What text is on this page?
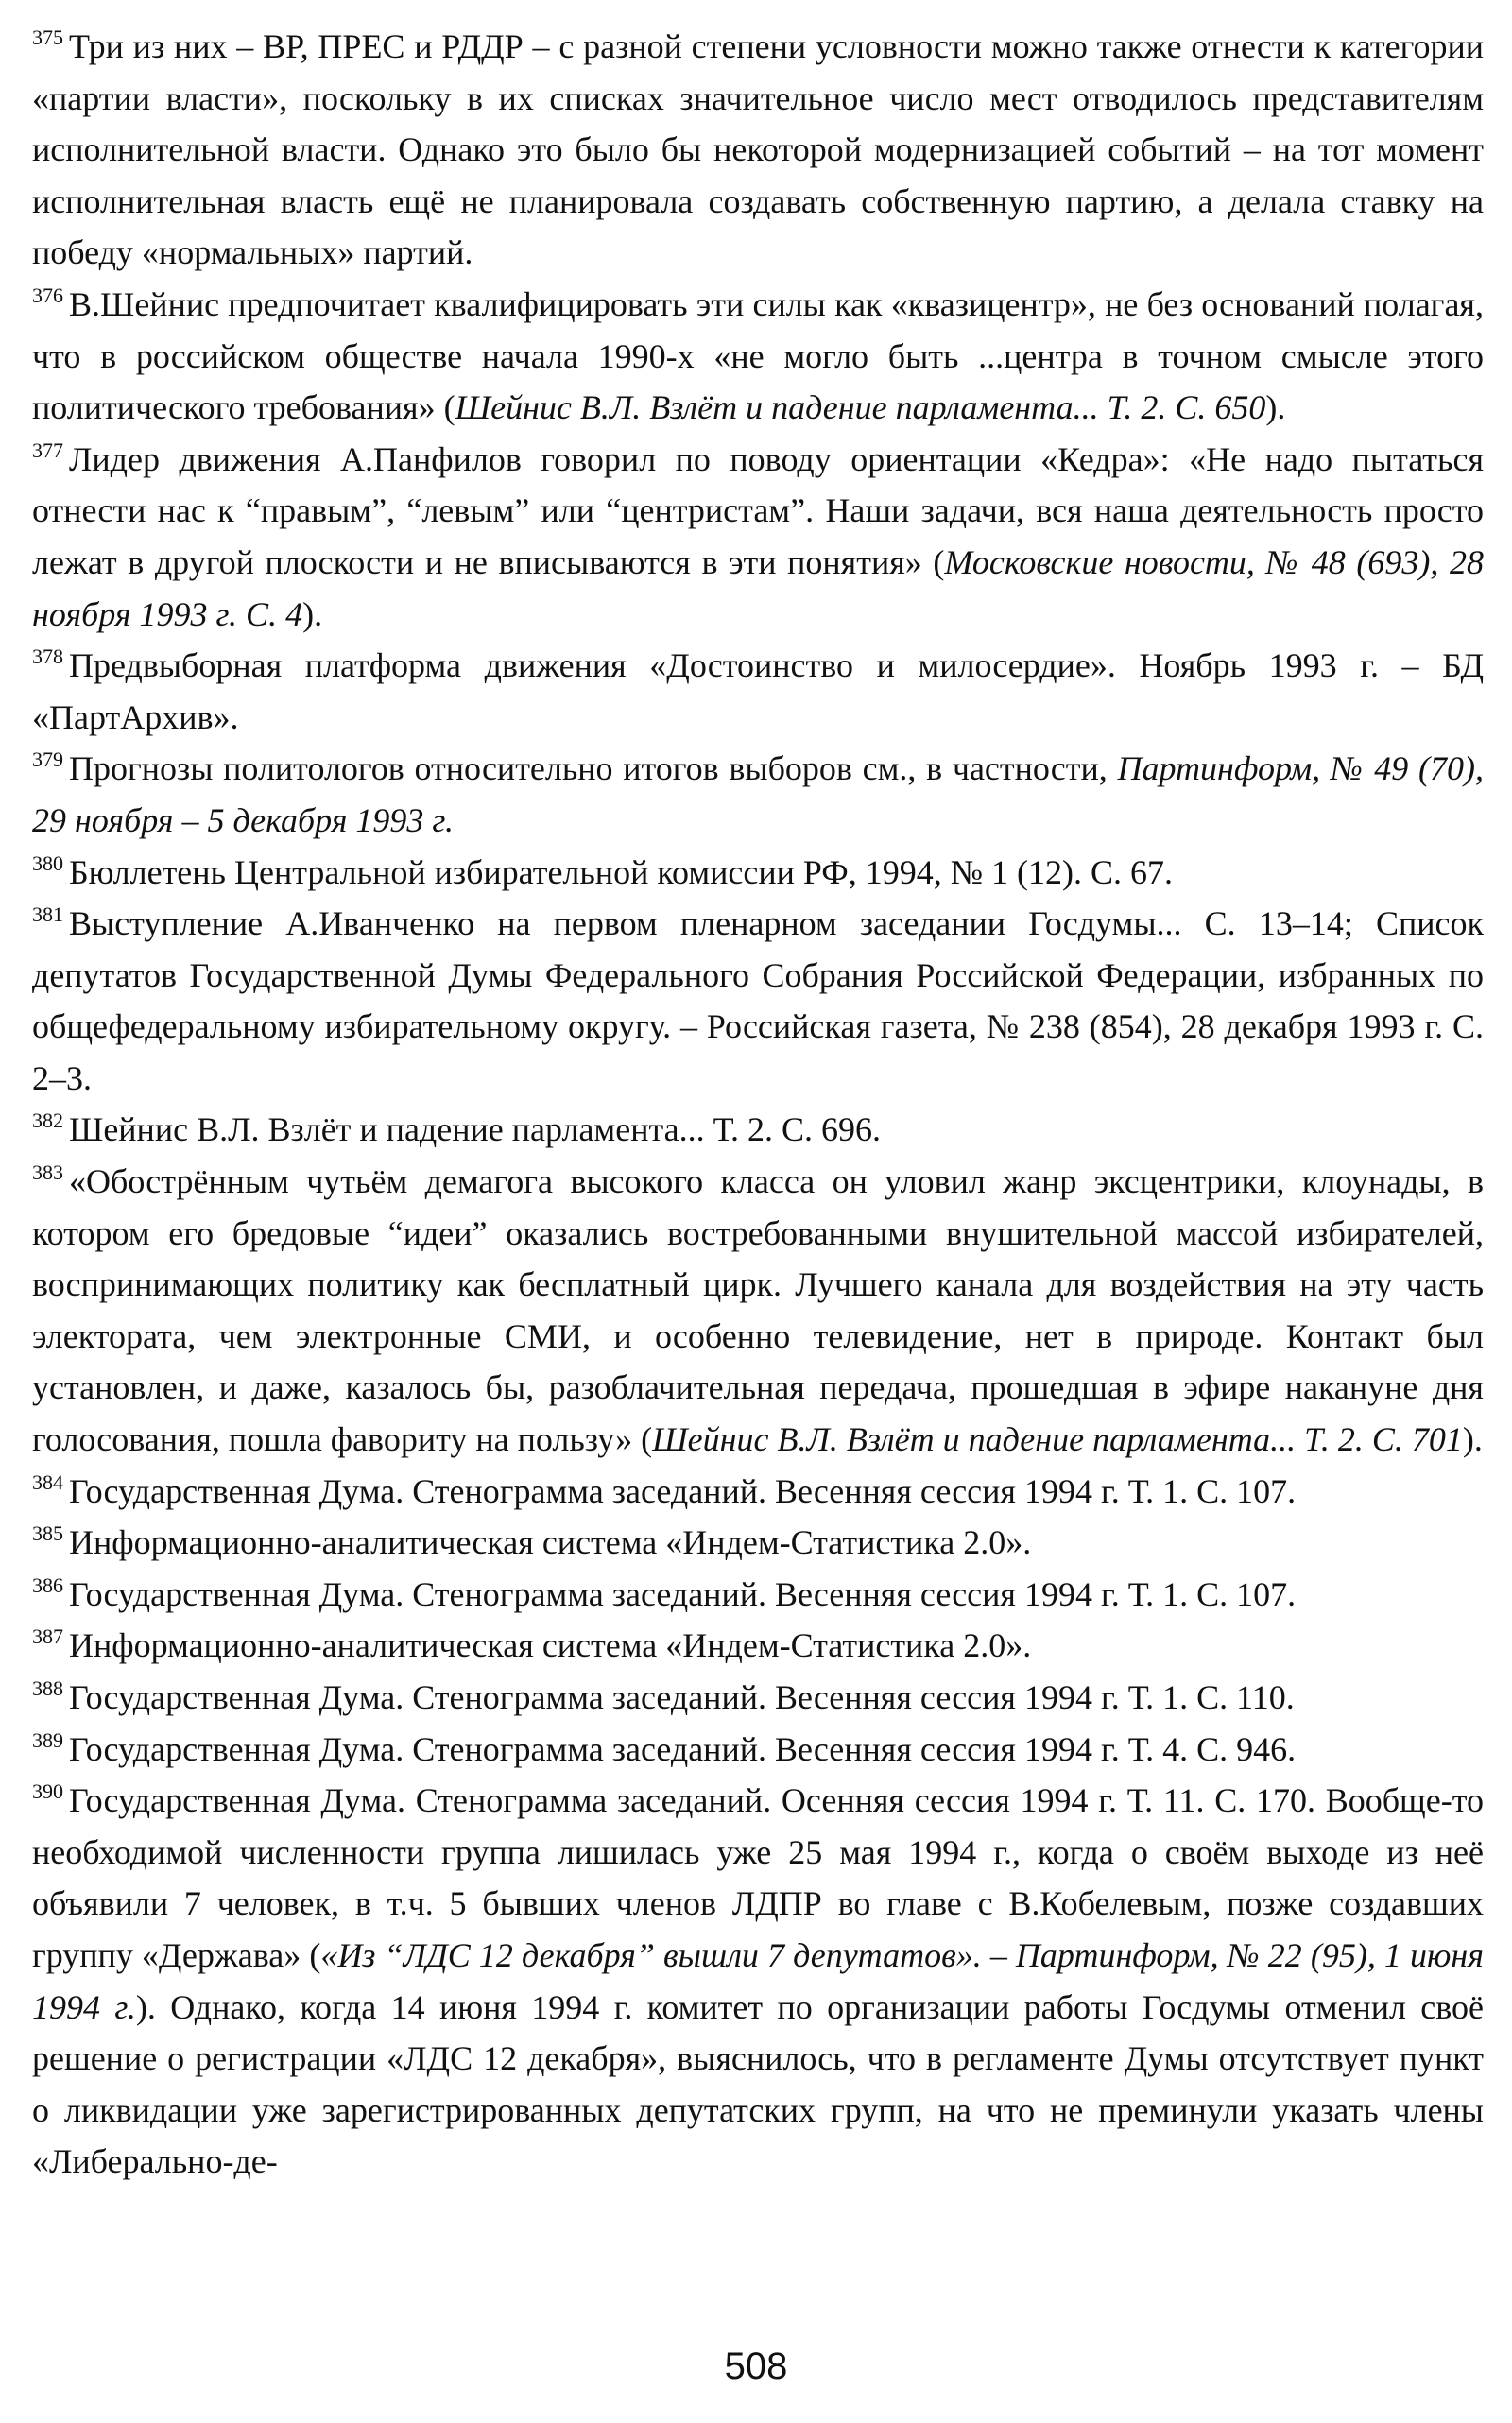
$^{375}$ Три из них – ВР, ПРЕС и РДДР – с разной степени условности можно также отнести к категории «партии власти», поскольку в их списках значительное число мест отводилось представителям исполнительной власти. Однако это было бы некоторой модернизацией событий – на тот момент исполнительная власть ещё не планировала создавать собственную партию, а делала ставку на победу «нормальных» партий.

$^{376}$ В.Шейнис предпочитает квалифицировать эти силы как «квазицентр», не без оснований полагая, что в российском обществе начала 1990-х «не могло быть ...центра в точном смысле этого политического требования» (Шейнис В.Л. Взлёт и падение парламента... Т. 2. С. 650).

$^{377}$ Лидер движения А.Панфилов говорил по поводу ориентации «Кедра»: «Не надо пытаться отнести нас к “правым”, “левым” или “центристам”. Наши задачи, вся наша деятельность просто лежат в другой плоскости и не вписываются в эти понятия» (Московские новости, № 48 (693), 28 ноября 1993 г. С. 4).

$^{378}$ Предвыборная платформа движения «Достоинство и милосердие». Ноябрь 1993 г. – БД «ПартАрхив».

$^{379}$ Прогнозы политологов относительно итогов выборов см., в частности, Партинформ, № 49 (70), 29 ноября – 5 декабря 1993 г.

$^{380}$ Бюллетень Центральной избирательной комиссии РФ, 1994, № 1 (12). С. 67.

$^{381}$ Выступление А.Иванченко на первом пленарном заседании Госдумы... С. 13–14; Список депутатов Государственной Думы Федерального Собрания Российской Федерации, избранных по общефедеральному избирательному округу. – Российская газета, № 238 (854), 28 декабря 1993 г. С. 2–3.

$^{382}$ Шейнис В.Л. Взлёт и падение парламента... Т. 2. С. 696.

$^{383}$ «Обострённым чутьём демагога высокого класса он уловил жанр эксцентрики, клоунады, в котором его бредовые “идеи” оказались востребованными внушительной массой избирателей, воспринимающих политику как бесплатный цирк. Лучшего канала для воздействия на эту часть электората, чем электронные СМИ, и особенно телевидение, нет в природе. Контакт был установлен, и даже, казалось бы, разоблачительная передача, прошедшая в эфире накануне дня голосования, пошла фавориту на пользу» (Шейнис В.Л. Взлёт и падение парламента... Т. 2. С. 701).

$^{384}$ Государственная Дума. Стенограмма заседаний. Весенняя сессия 1994 г. Т. 1. С. 107.

$^{385}$ Информационно-аналитическая система «Индем-Статистика 2.0».

$^{386}$ Государственная Дума. Стенограмма заседаний. Весенняя сессия 1994 г. Т. 1. С. 107.

$^{387}$ Информационно-аналитическая система «Индем-Статистика 2.0».

$^{388}$ Государственная Дума. Стенограмма заседаний. Весенняя сессия 1994 г. Т. 1. С. 110.

$^{389}$ Государственная Дума. Стенограмма заседаний. Весенняя сессия 1994 г. Т. 4. С. 946.

$^{390}$ Государственная Дума. Стенограмма заседаний. Осенняя сессия 1994 г. Т. 11. С. 170. Вообще-то необходимой численности группа лишилась уже 25 мая 1994 г., когда о своём выходе из неё объявили 7 человек, в т.ч. 5 бывших членов ЛДПР во главе с В.Кобелевым, позже создавших группу «Держава» («Из “ЛДС 12 декабря” вышли 7 депутатов». – Партинформ, № 22 (95), 1 июня 1994 г.). Однако, когда 14 июня 1994 г. комитет по организации работы Госдумы отменил своё решение о регистрации «ЛДС 12 декабря», выяснилось, что в регламенте Думы отсутствует пункт о ликвидации уже зарегистрированных депутатских групп, на что не преминули указать члены «Либерально-де-

508
